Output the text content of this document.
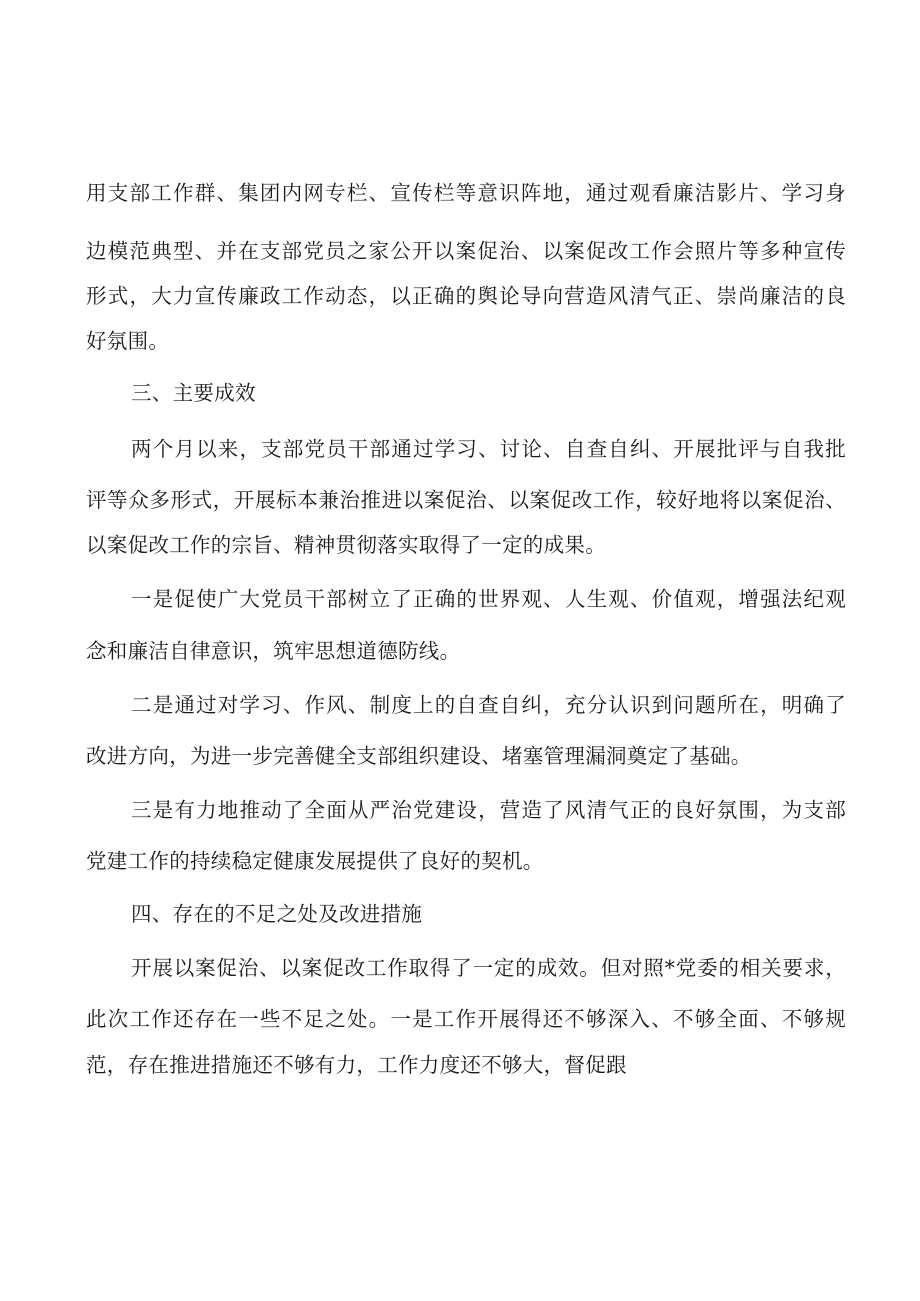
用支部工作群、集团内网专栏、宣传栏等意识阵地，通过观看廉洁影片、学习身
边模范典型、并在支部党员之家公开以案促治、以案促改工作会照片等多种宣传
形式，大力宣传廉政工作动态，以正确的舆论导向营造风清气正、崇尚廉洁的良
好氛围。
三、主要成效
两个月以来，支部党员干部通过学习、讨论、自查自纠、开展批评与自我批
评等众多形式，开展标本兼治推进以案促治、以案促改工作，较好地将以案促治、
以案促改工作的宗旨、精神贯彻落实取得了一定的成果。
一是促使广大党员干部树立了正确的世界观、人生观、价值观，增强法纪观
念和廉洁自律意识，筑牢思想道德防线。
二是通过对学习、作风、制度上的自查自纠，充分认识到问题所在，明确了
改进方向，为进一步完善健全支部组织建设、堵塞管理漏洞奠定了基础。
三是有力地推动了全面从严治党建设，营造了风清气正的良好氛围，为支部
党建工作的持续稳定健康发展提供了良好的契机。
四、存在的不足之处及改进措施
开展以案促治、以案促改工作取得了一定的成效。但对照*党委的相关要求，
此次工作还存在一些不足之处。一是工作开展得还不够深入、不够全面、不够规
范，存在推进措施还不够有力，工作力度还不够大，督促跟
